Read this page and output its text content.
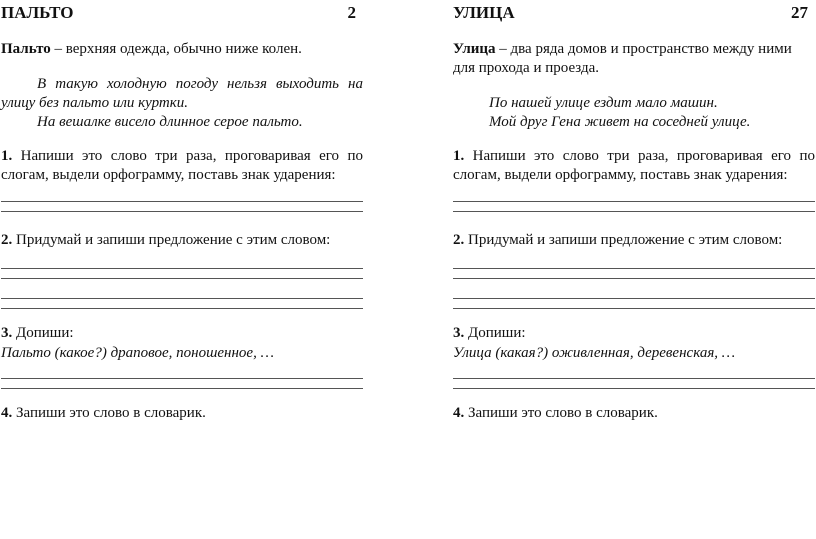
ПАЛЬТО	2
Пальто – верхняя одежда, обычно ниже колен.
В такую холодную погоду нельзя выходить на
улицу без пальто или куртки.
На вешалке висело длинное серое пальто.
1. Напиши это слово три раза, проговаривая его по слогам, выдели орфограмму, поставь знак ударения:
2. Придумай и запиши предложение с этим словом:
3. Допиши:
Пальто (какое?) драповое, поношенное, …
4. Запиши это слово в словарик.
УЛИЦА	27
Улица – два ряда домов и пространство между ними для прохода и проезда.
По нашей улице ездит мало машин.
Мой друг Гена живет на соседней улице.
1. Напиши это слово три раза, проговаривая его по слогам, выдели орфограмму, поставь знак ударения:
2. Придумай и запиши предложение с этим словом:
3. Допиши:
Улица (какая?) оживленная, деревенская, …
4. Запиши это слово в словарик.
